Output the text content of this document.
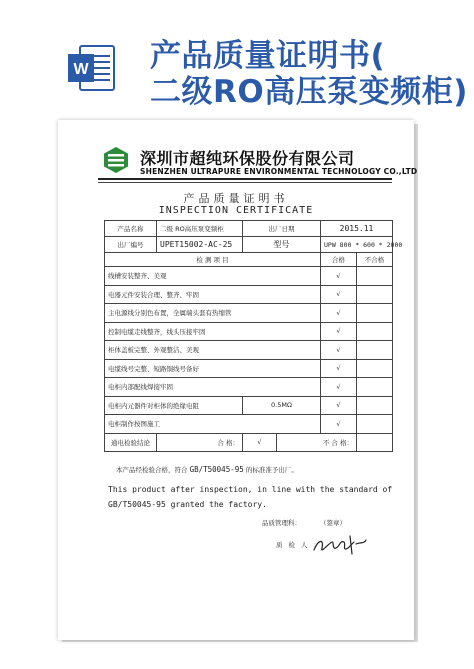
W 产品质量证明书(
二级RO高压泵变频柜)
深圳市超纯环保股份有限公司
SHENZHEN ULTRAPURE ENVIRONMENTAL TECHNOLOGY CO.,LTD
产品质量证明书
INSPECTION CERTIFICATE
产品名称	二级 RO高压泵变频柜	出厂日期		2015.11	
出厂编号	UPET15002-AC-25	型号		UPW 800 * 600 * 2000	
检 测 项 目				合格	不合格
线槽安装整齐、美观				√	
电器元件安装合理、整齐、牢固				√	
主电源线分别色布置，全属端头套有热缩管				√	
控制电缆走线整齐，线头压接牢固				√	
柜体盖板完整、外观整洁、美观				√	
电缆线号完整、短路铜线号备好				√	
电柜内部配线焊接牢固				√	
电柜内元器件对柜体的绝缘电阻		0.5MΩ		√	
电柜制作按图施工				√	
通电检验结论	合 格：	√	不 合 格：		
本产品经检验合格，符合 GB/T50045-95 的标准准予出厂。
This product after inspection, in line with the standard of GB/T50045-95 granted the factory.
品质管理科：	（签章）
质检人：
